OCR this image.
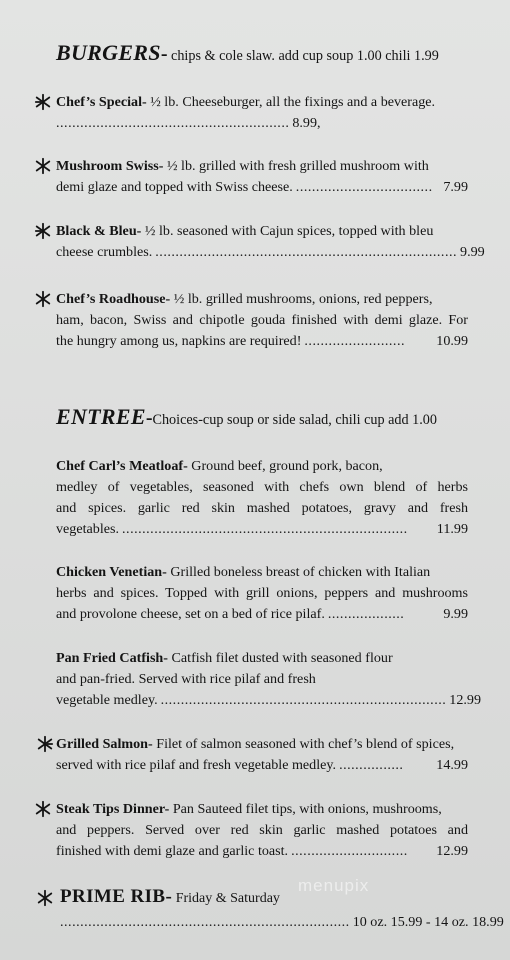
BURGERS- chips & cole slaw. add cup soup 1.00 chili 1.99
Chef’s Special- ½ lb. Cheeseburger, all the fixings and a beverage.
.......................................................... 8.99,
Mushroom Swiss- ½ lb. grilled with fresh grilled mushroom with
demi glaze and topped with Swiss cheese. .................................. 7.99
Black & Bleu- ½ lb. seasoned with Cajun spices, topped with bleu
cheese crumbles. ........................................................................... 9.99
Chef’s Roadhouse- ½ lb. grilled mushrooms, onions, red peppers,
ham, bacon, Swiss and chipotle gouda finished with demi glaze. For
the hungry among us, napkins are required! .........................	10.99
ENTREE-Choices-cup soup or side salad, chili cup add 1.00
Chef Carl’s Meatloaf- Ground beef, ground pork, bacon,
medley of vegetables, seasoned with chefs own blend of herbs
and spices. garlic red skin mashed potatoes, gravy and fresh
vegetables. .......................................................................	11.99
Chicken Venetian- Grilled boneless breast of chicken with Italian
herbs and spices. Topped with grill onions, peppers and mushrooms
and provolone cheese, set on a bed of rice pilaf. ...................	9.99
Pan Fried Catfish- Catfish filet dusted with seasoned flour
and pan-fried. Served with rice pilaf and fresh
vegetable medley. ....................................................................... 12.99
Grilled Salmon- Filet of salmon seasoned with chef’s blend of spices,
served with rice pilaf and fresh vegetable medley. ................	14.99
Steak Tips Dinner- Pan Sauteed filet tips, with onions, mushrooms,
and peppers. Served over red skin garlic mashed potatoes and
finished with demi glaze and garlic toast. .............................	12.99
PRIME RIB- Friday & Saturday
........................................................................ 10 oz. 15.99 - 14 oz. 18.99
menupix
